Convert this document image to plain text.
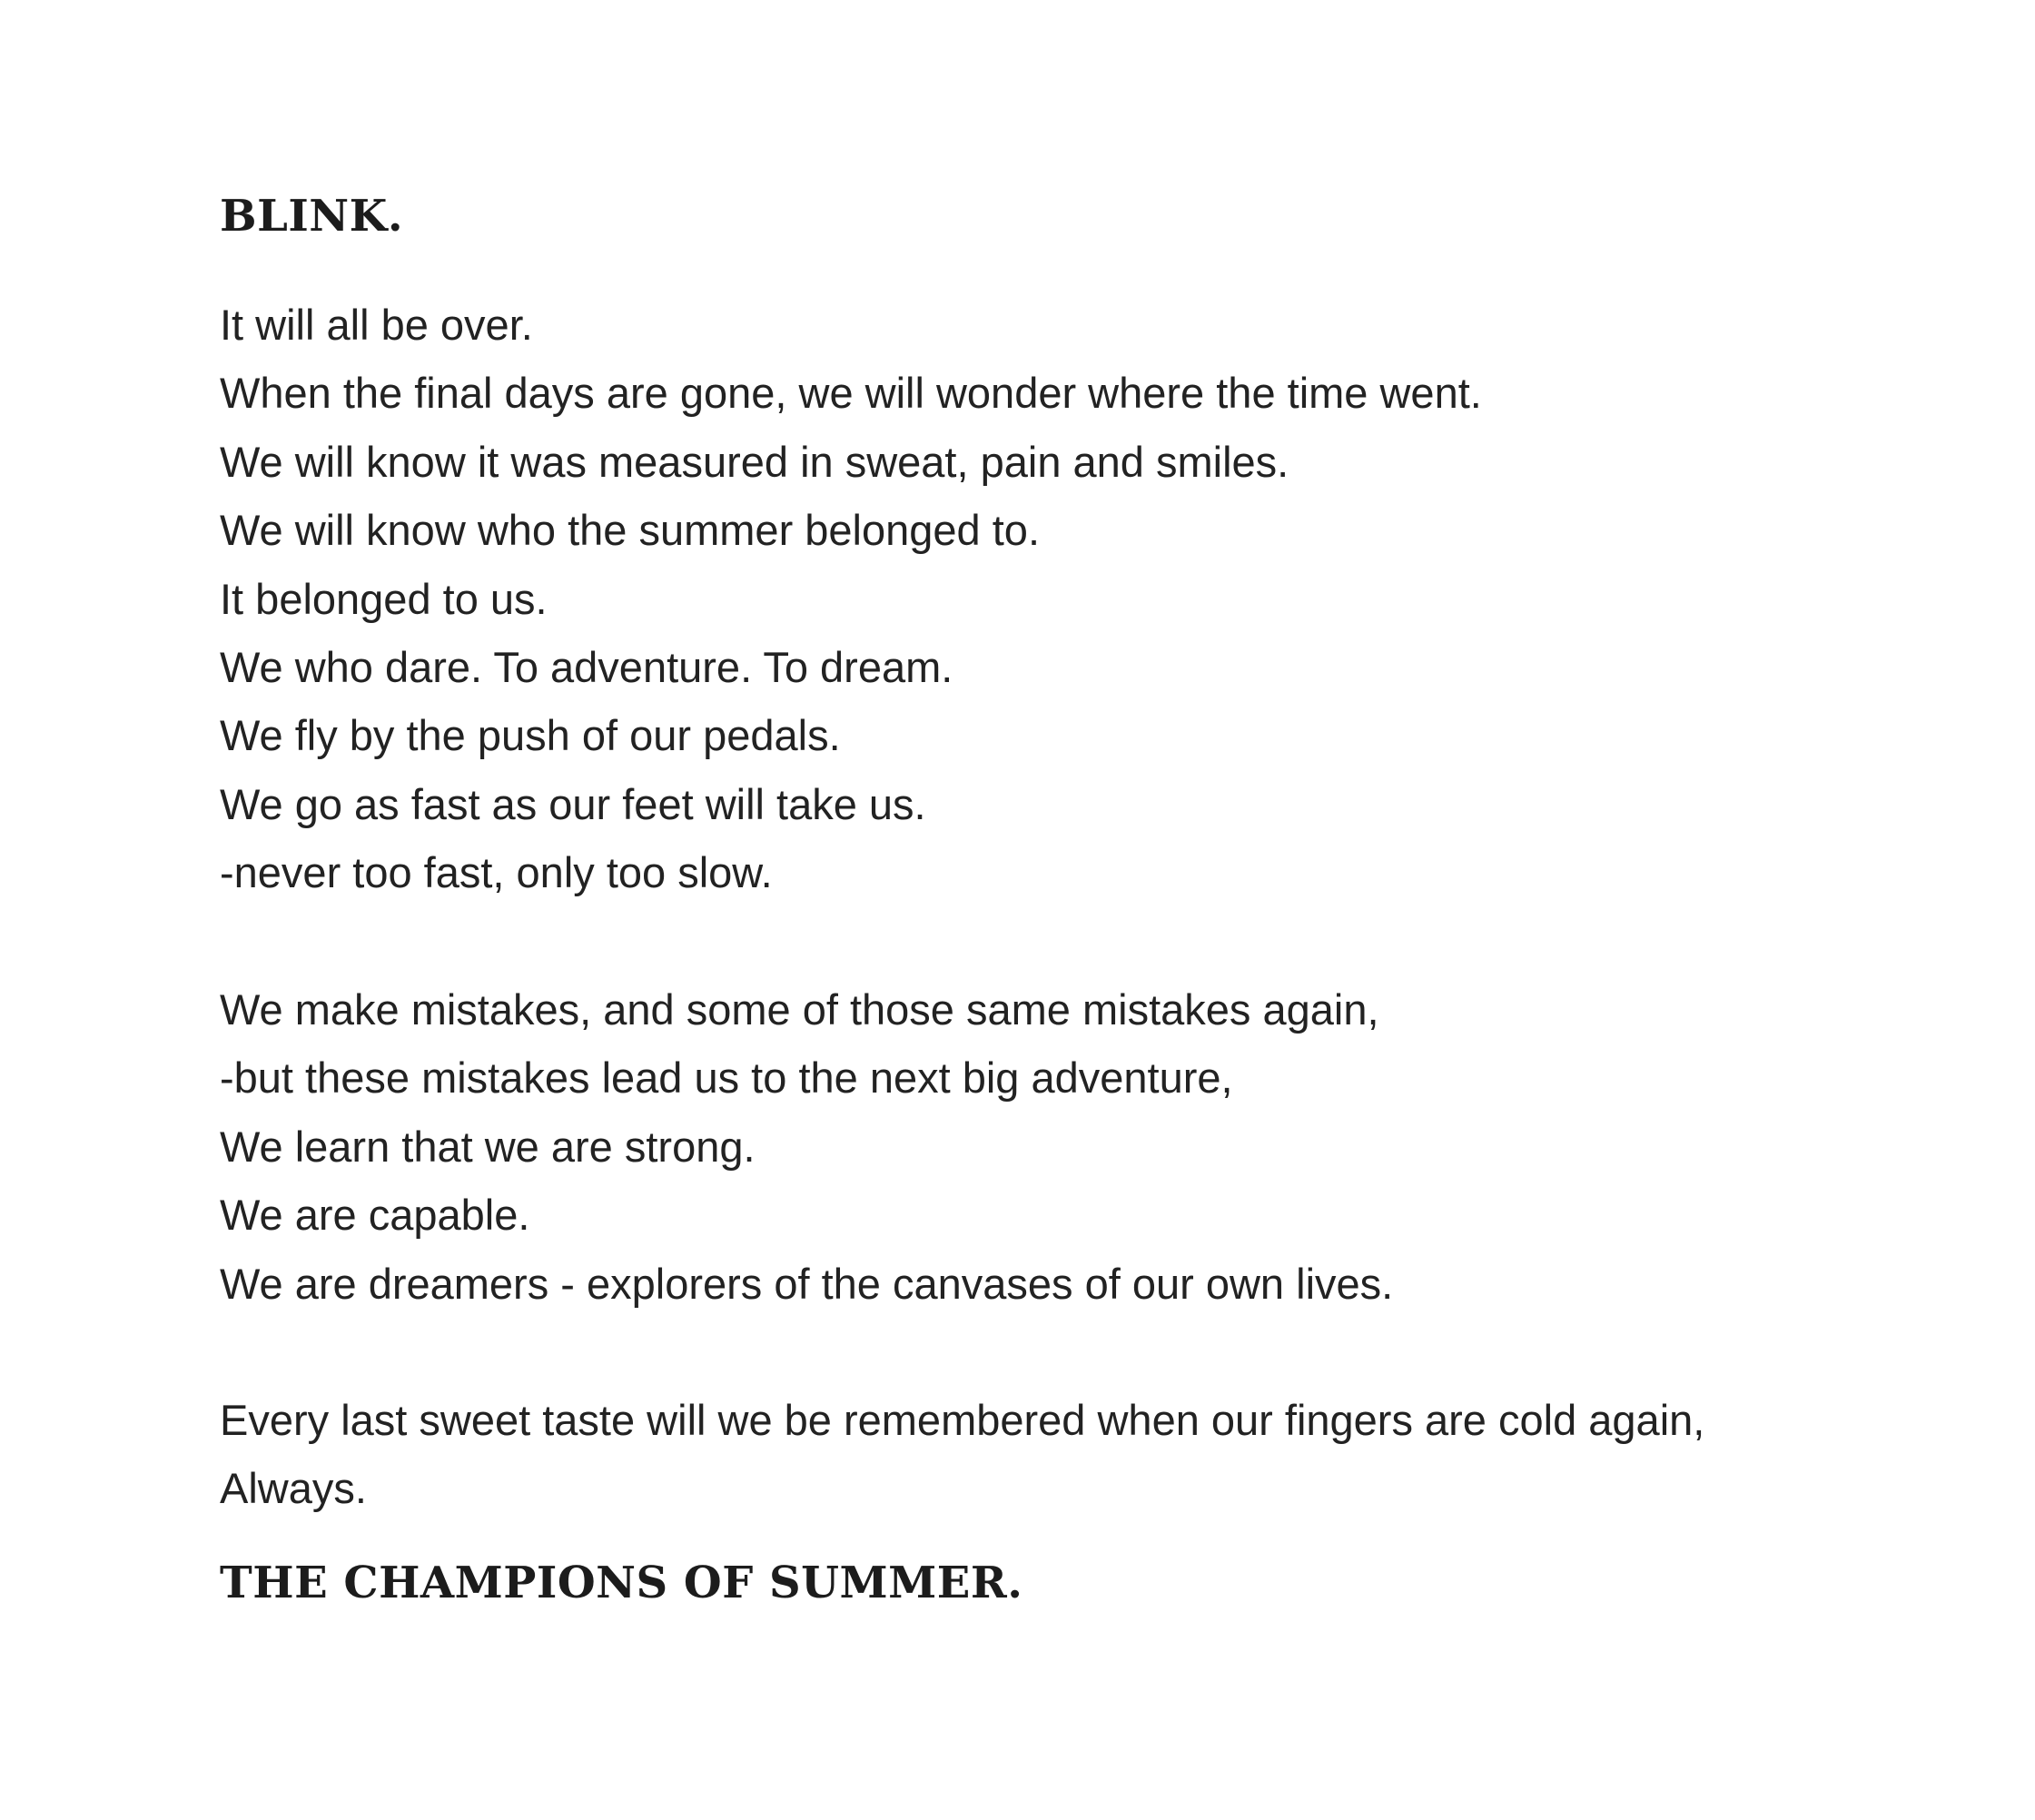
BLINK.
It will all be over.
When the final days are gone, we will wonder where the time went.
We will know it was measured in sweat, pain and smiles.
We will know who the summer belonged to.
It belonged to us.
We who dare. To adventure. To dream.
We fly by the push of our pedals.
We go as fast as our feet will take us.
-never too fast, only too slow.
We make mistakes, and some of those same mistakes again,
-but these mistakes lead us to the next big adventure,
We learn that we are strong.
We are capable.
We are dreamers - explorers of the canvases of our own lives.
Every last sweet taste will we be remembered when our fingers are cold again,
Always.
THE CHAMPIONS OF SUMMER.
